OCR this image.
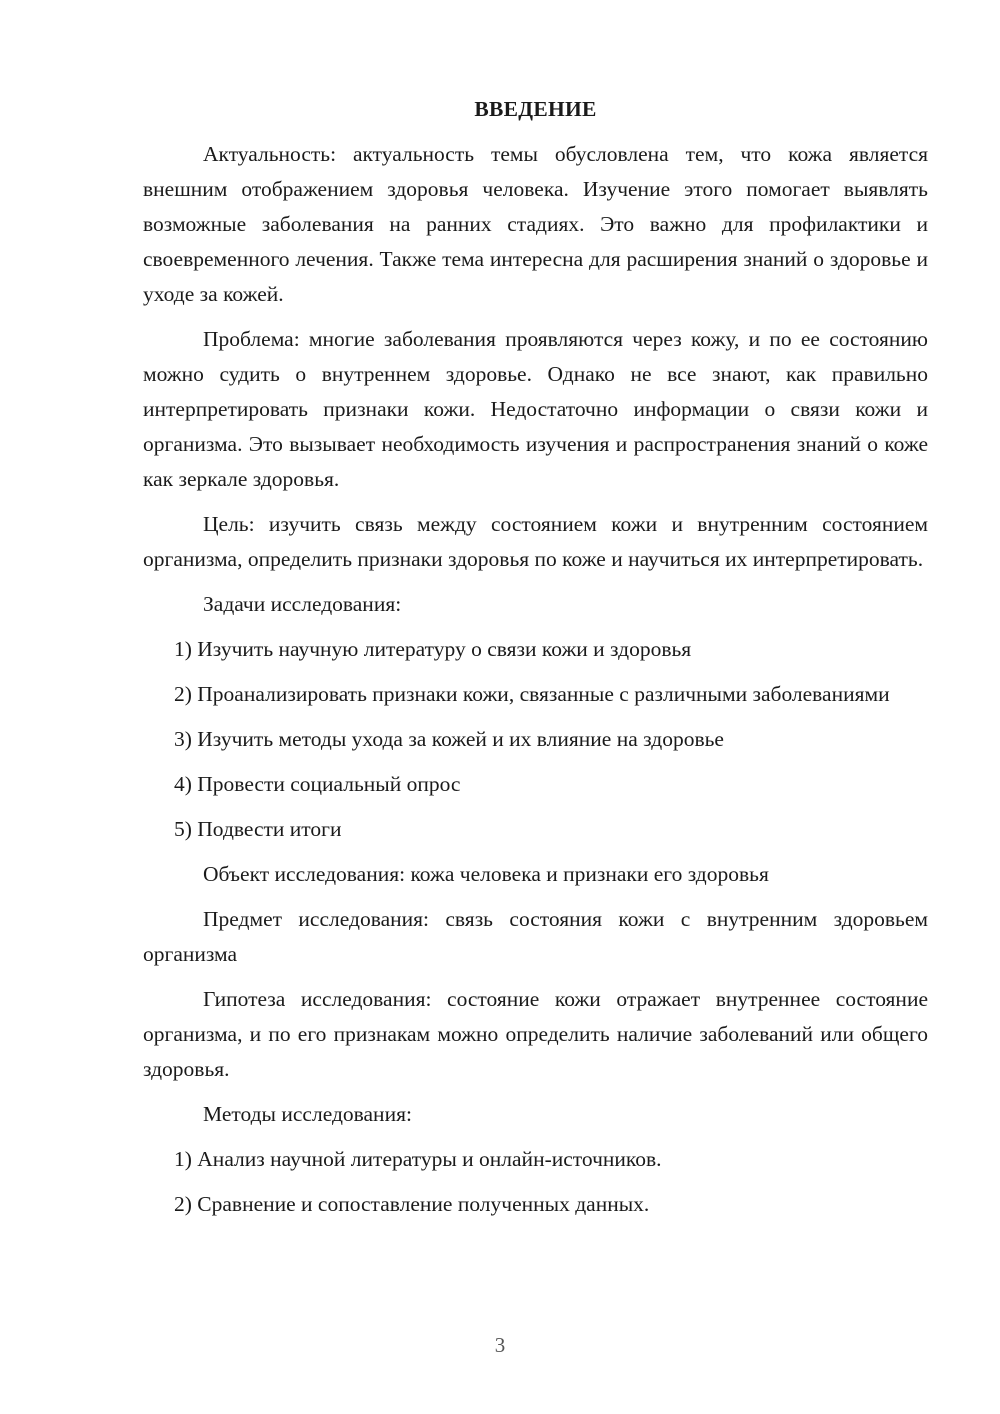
ВВЕДЕНИЕ
Актуальность: актуальность темы обусловлена тем, что кожа является внешним отображением здоровья человека. Изучение этого помогает выявлять возможные заболевания на ранних стадиях. Это важно для профилактики и своевременного лечения. Также тема интересна для расширения знаний о здоровье и уходе за кожей.
Проблема: многие заболевания проявляются через кожу, и по ее состоянию можно судить о внутреннем здоровье. Однако не все знают, как правильно интерпретировать признаки кожи. Недостаточно информации о связи кожи и организма. Это вызывает необходимость изучения и распространения знаний о коже как зеркале здоровья.
Цель: изучить связь между состоянием кожи и внутренним состоянием организма, определить признаки здоровья по коже и научиться их интерпретировать.
Задачи исследования:
1) Изучить научную литературу о связи кожи и здоровья
2) Проанализировать признаки кожи, связанные с различными заболеваниями
3) Изучить методы ухода за кожей и их влияние на здоровье
4) Провести социальный опрос
5) Подвести итоги
Объект исследования: кожа человека и признаки его здоровья
Предмет исследования: связь состояния кожи с внутренним здоровьем организма
Гипотеза исследования: состояние кожи отражает внутреннее состояние организма, и по его признакам можно определить наличие заболеваний или общего здоровья.
Методы исследования:
1) Анализ научной литературы и онлайн-источников.
2) Сравнение и сопоставление полученных данных.
3
